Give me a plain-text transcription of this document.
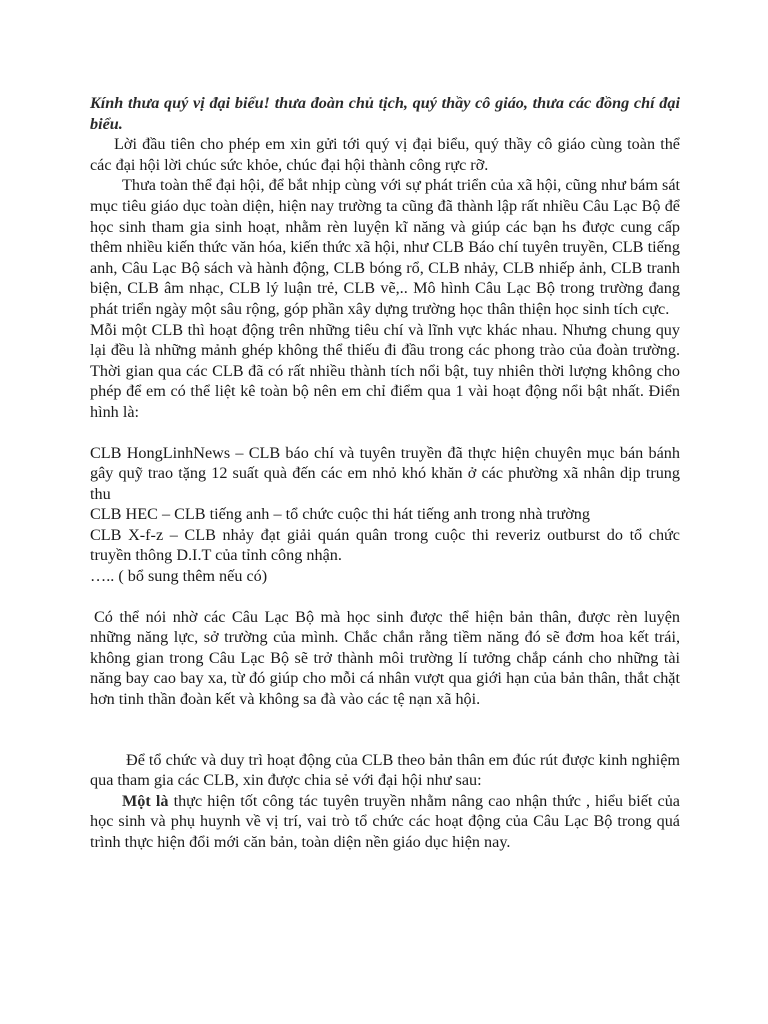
Kính thưa quý vị đại biểu! thưa đoàn chủ tịch, quý thầy cô giáo, thưa các đồng chí đại biểu.

Lời đầu tiên cho phép em xin gửi tới quý vị đại biểu, quý thầy cô giáo cùng toàn thể các đại hội lời chúc sức khỏe, chúc đại hội thành công rực rỡ.

Thưa toàn thể đại hội, để bắt nhịp cùng với sự phát triển của xã hội, cũng như bám sát mục tiêu giáo dục toàn diện, hiện nay trường ta cũng đã thành lập rất nhiều Câu Lạc Bộ để học sinh tham gia sinh hoạt, nhằm rèn luyện kĩ năng và giúp các bạn hs được cung cấp thêm nhiều kiến thức văn hóa, kiến thức xã hội, như CLB Báo chí tuyên truyền, CLB tiếng anh, Câu Lạc Bộ sách và hành động, CLB bóng rổ, CLB nhảy, CLB nhiếp ảnh, CLB tranh biện, CLB âm nhạc, CLB lý luận trẻ, CLB vẽ,.. Mô hình Câu Lạc Bộ trong trường đang phát triển ngày một sâu rộng, góp phần xây dựng trường học thân thiện học sinh tích cực.

Mỗi một CLB thì hoạt động trên những tiêu chí và lĩnh vực khác nhau. Nhưng chung quy lại đều là những mảnh ghép không thể thiếu đi đầu trong các phong trào của đoàn trường. Thời gian qua các CLB đã có rất nhiều thành tích nổi bật, tuy nhiên thời lượng không cho phép để em có thể liệt kê toàn bộ nên em chỉ điểm qua 1 vài hoạt động nổi bật nhất. Điển hình là:

CLB HongLinhNews – CLB báo chí và tuyên truyền đã thực hiện chuyên mục bán bánh gây quỹ trao tặng 12 suất quà đến các em nhỏ khó khăn ở các phường xã nhân dịp trung thu

CLB HEC – CLB tiếng anh – tổ chức cuộc thi hát tiếng anh trong nhà trường

CLB X-f-z – CLB nhảy đạt giải quán quân trong cuộc thi reveriz outburst do tổ chức truyền thông D.I.T của tỉnh công nhận.

….. ( bổ sung thêm nếu có)

Có thể nói nhờ các Câu Lạc Bộ mà học sinh được thể hiện bản thân, được rèn luyện những năng lực, sở trường của mình. Chắc chắn rằng tiềm năng đó sẽ đơm hoa kết trái, không gian trong Câu Lạc Bộ sẽ trở thành môi trường lí tưởng chắp cánh cho những tài năng bay cao bay xa, từ đó giúp cho mỗi cá nhân vượt qua giới hạn của bản thân, thắt chặt hơn tinh thần đoàn kết và không sa đà vào các tệ nạn xã hội.

Để tổ chức và duy trì hoạt động của CLB theo bản thân em đúc rút được kinh nghiệm qua tham gia các CLB, xin được chia sẻ với đại hội như sau:

Một là thực hiện tốt công tác tuyên truyền nhằm nâng cao nhận thức , hiểu biết của học sinh và phụ huynh về vị trí, vai trò tổ chức các hoạt động của Câu Lạc Bộ trong quá trình thực hiện đổi mới căn bản, toàn diện nền giáo dục hiện nay.
